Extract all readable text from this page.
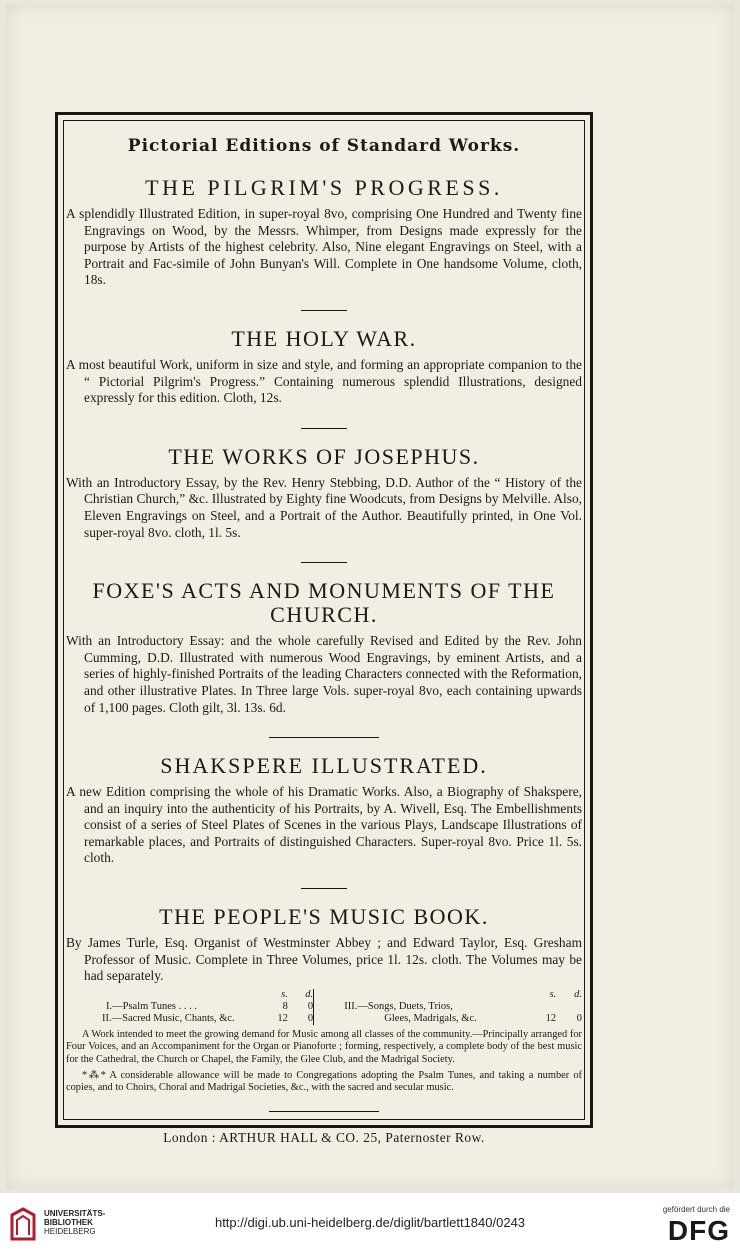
Pictorial Editions of Standard Works.
THE PILGRIM'S PROGRESS.

A splendidly Illustrated Edition, in super-royal 8vo, comprising One Hundred and Twenty fine Engravings on Wood, by the Messrs. Whimper, from Designs made expressly for the purpose by Artists of the highest celebrity. Also, Nine elegant Engravings on Steel, with a Portrait and Fac-simile of John Bunyan's Will. Complete in One handsome Volume, cloth, 18s.

THE HOLY WAR.

A most beautiful Work, uniform in size and style, and forming an appropriate companion to the “ Pictorial Pilgrim's Progress.” Containing numerous splendid Illustrations, designed expressly for this edition. Cloth, 12s.

THE WORKS OF JOSEPHUS.

With an Introductory Essay, by the Rev. Henry Stebbing, D.D. Author of the “ History of the Christian Church,” &c. Illustrated by Eighty fine Woodcuts, from Designs by Melville. Also, Eleven Engravings on Steel, and a Portrait of the Author. Beautifully printed, in One Vol. super-royal 8vo. cloth, 1l. 5s.

FOXE'S ACTS AND MONUMENTS OF THE CHURCH.

With an Introductory Essay: and the whole carefully Revised and Edited by the Rev. John Cumming, D.D. Illustrated with numerous Wood Engravings, by eminent Artists, and a series of highly-finished Portraits of the leading Characters connected with the Reformation, and other illustrative Plates. In Three large Vols. super-royal 8vo, each containing upwards of 1,100 pages. Cloth gilt, 3l. 13s. 6d.

SHAKSPERE ILLUSTRATED.

A new Edition comprising the whole of his Dramatic Works. Also, a Biography of Shakspere, and an inquiry into the authenticity of his Portraits, by A. Wivell, Esq. The Embellishments consist of a series of Steel Plates of Scenes in the various Plays, Landscape Illustrations of remarkable places, and Portraits of distinguished Characters. Super-royal 8vo. Price 1l. 5s. cloth.

THE PEOPLE'S MUSIC BOOK.

By James Turle, Esq. Organist of Westminster Abbey ; and Edward Taylor, Esq. Gresham Professor of Music. Complete in Three Volumes, price 1l. 12s. cloth. The Volumes may be had separately.

	s.	d.			s.	d.
I.—Psalm Tunes . . . .	8	0		III.—Songs, Duets, Trios,		
II.—Sacred Music, Chants, &c.	12	0		Glees, Madrigals, &c.	12	0

A Work intended to meet the growing demand for Music among all classes of the community.—Principally arranged for Four Voices, and an Accompaniment for the Organ or Pianoforte ; forming, respectively, a complete body of the best music for the Cathedral, the Church or Chapel, the Family, the Glee Club, and the Madrigal Society.

*⁂* A considerable allowance will be made to Congregations adopting the Psalm Tunes, and taking a number of copies, and to Choirs, Choral and Madrigal Societies, &c., with the sacred and secular music.

London : ARTHUR HALL & CO. 25, Paternoster Row.
UNIVERSITÄTS-
BIBLIOTHEK
HEIDELBERG
http://digi.ub.uni-heidelberg.de/diglit/bartlett1840/0243
gefördert durch die
DFG
